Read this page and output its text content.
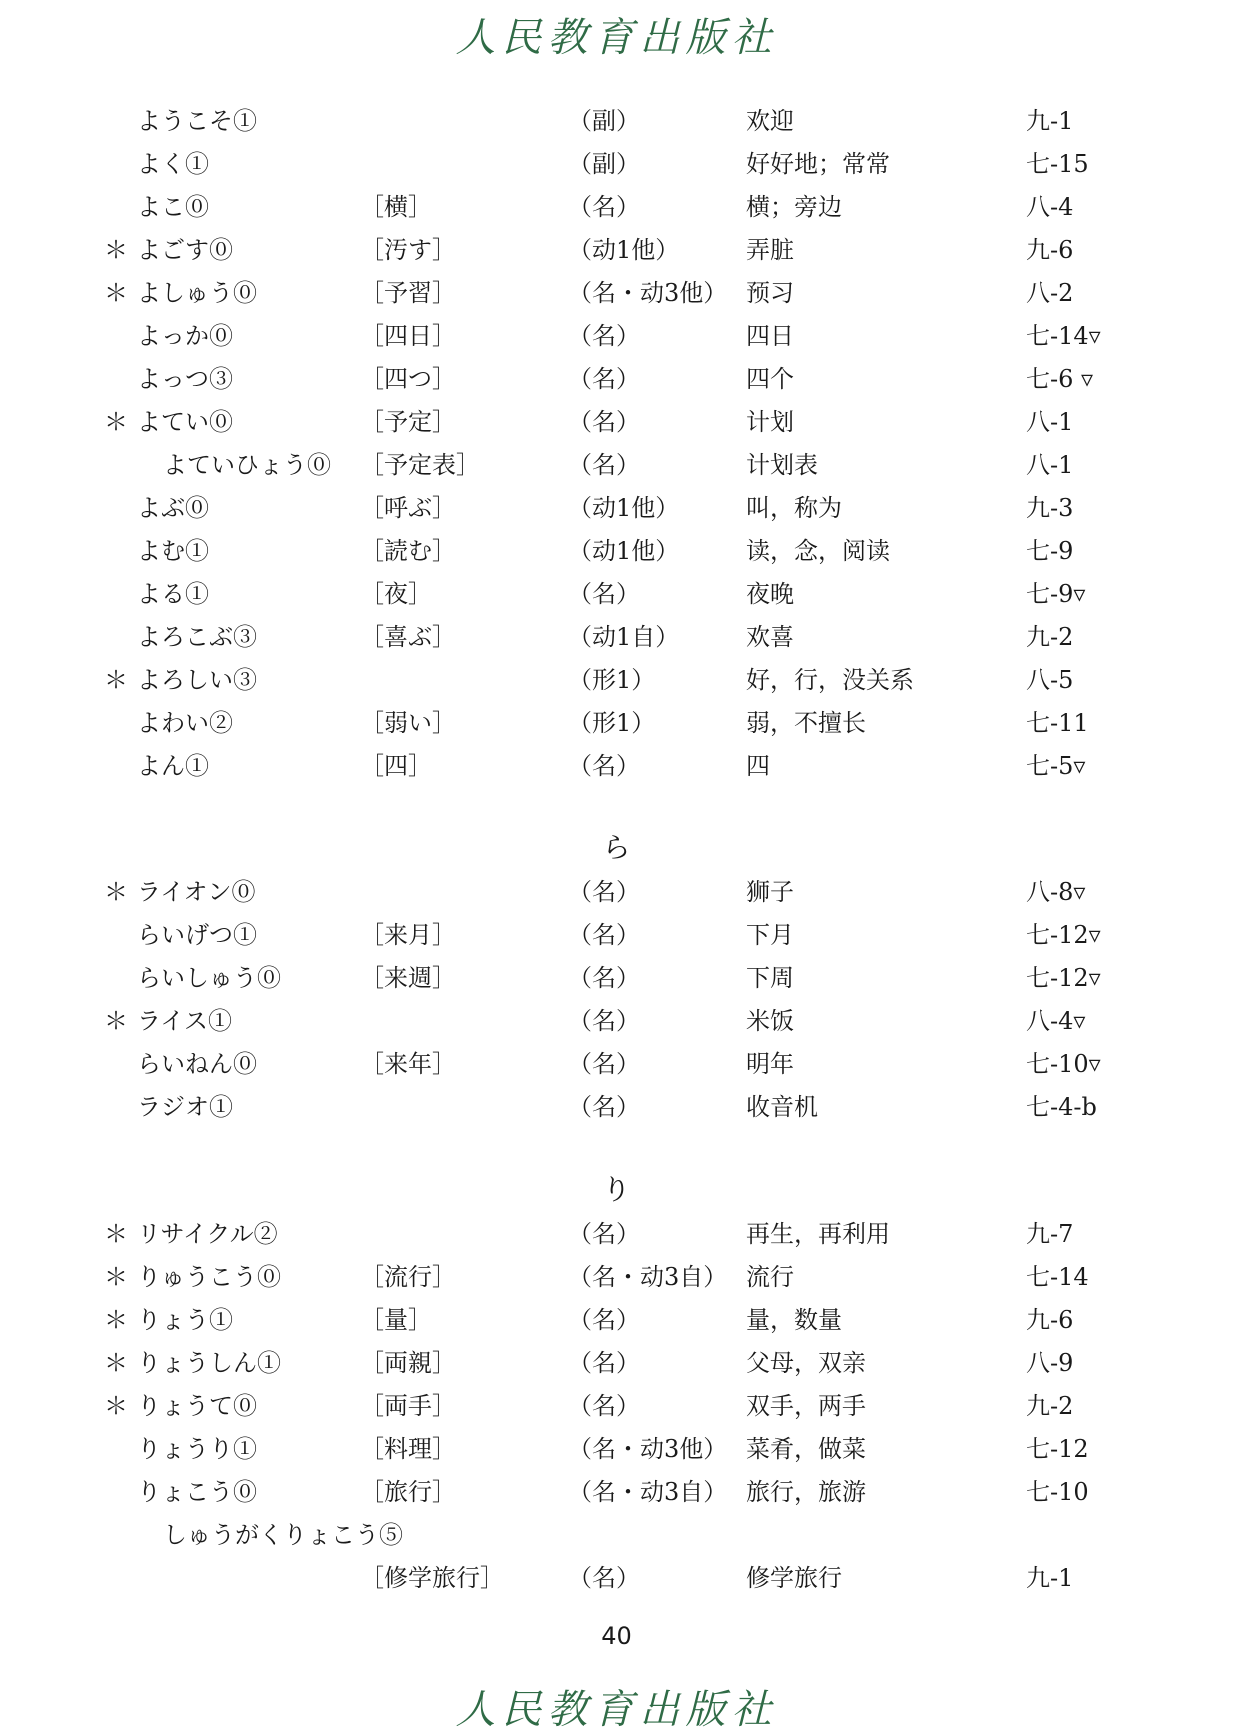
人民教育出版社
ようこそ①	（副）	欢迎	九-1
よく①	（副）	好好地；常常	七-15
よこ⓪	［横］	（名）	横；旁边	八-4
＊ よごす⓪	［汚す］	（动1他）	弄脏	九-6
＊ よしゅう⓪	［予習］	（名・动3他） 预习	八-2
よっか⓪	［四日］	（名）	四日	七-14▿
よっつ③	［四つ］	（名）	四个	七-6 ▿
＊ よてい⓪	［予定］	（名）	计划	八-1
よていひょう⓪ ［予定表］	（名）	计划表	八-1
よぶ⓪	［呼ぶ］	（动1他）	叫，称为	九-3
よむ①	［読む］	（动1他）	读，念，阅读	七-9
よる①	［夜］	（名）	夜晚	七-9▿
よろこぶ③	［喜ぶ］	（动1自）	欢喜	九-2
＊ よろしい③	（形1）	好，行，没关系	八-5
よわい②	［弱い］	（形1）	弱，不擅长	七-11
よん①	［四］	（名）	四	七-5▿
ら
＊ ライオン⓪	（名）	狮子	八-8▿
らいげつ①	［来月］	（名）	下月	七-12▿
らいしゅう⓪	［来週］	（名）	下周	七-12▿
＊ ライス①	（名）	米饭	八-4▿
らいねん⓪	［来年］	（名）	明年	七-10▿
ラジオ①	（名）	收音机	七-4-b
り
＊ リサイクル②	（名）	再生，再利用	九-7
＊ りゅうこう⓪	［流行］	（名・动3自） 流行	七-14
＊ りょう①	［量］	（名）	量，数量	九-6
＊ りょうしん①	［両親］	（名）	父母，双亲	八-9
＊ りょうて⓪	［両手］	（名）	双手，两手	九-2
りょうり①	［料理］	（名・动3他） 菜肴，做菜	七-12
りょこう⓪	［旅行］	（名・动3自） 旅行，旅游	七-10
しゅうがくりょこう⑤
［修学旅行］	（名）	修学旅行	九-1
40
人民教育出版社
